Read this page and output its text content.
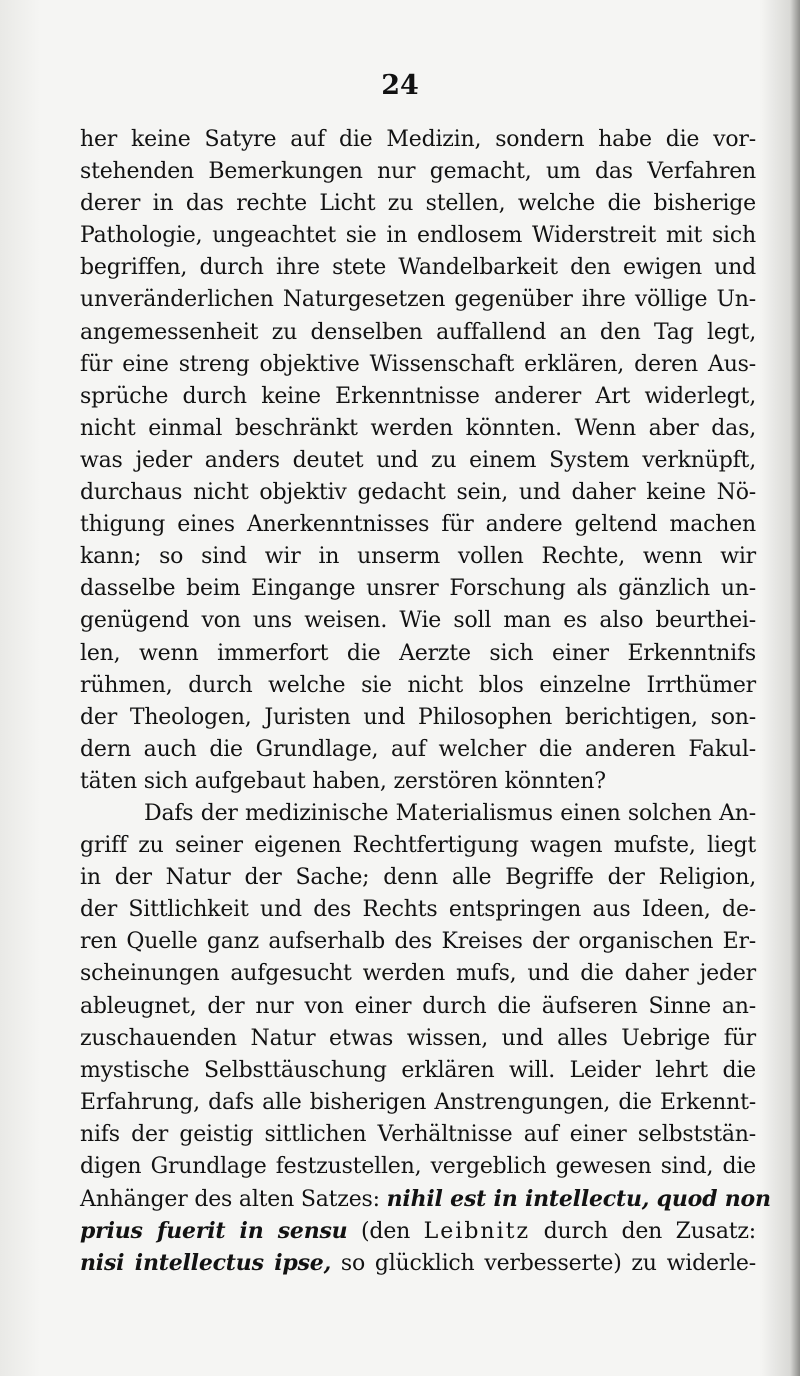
24
her keine Satyre auf die Medizin, sondern habe die vor-
stehenden Bemerkungen nur gemacht, um das Verfahren
derer in das rechte Licht zu stellen, welche die bisherige
Pathologie, ungeachtet sie in endlosem Widerstreit mit sich
begriffen, durch ihre stete Wandelbarkeit den ewigen und
unveränderlichen Naturgesetzen gegenüber ihre völlige Un-
angemessenheit zu denselben auffallend an den Tag legt,
für eine streng objektive Wissenschaft erklären, deren Aus-
sprüche durch keine Erkenntnisse anderer Art widerlegt,
nicht einmal beschränkt werden könnten. Wenn aber das,
was jeder anders deutet und zu einem System verknüpft,
durchaus nicht objektiv gedacht sein, und daher keine Nö-
thigung eines Anerkenntnisses für andere geltend machen
kann; so sind wir in unserm vollen Rechte, wenn wir
dasselbe beim Eingange unsrer Forschung als gänzlich un-
genügend von uns weisen. Wie soll man es also beurthei-
len, wenn immerfort die Aerzte sich einer Erkenntnifs
rühmen, durch welche sie nicht blos einzelne Irrthümer
der Theologen, Juristen und Philosophen berichtigen, son-
dern auch die Grundlage, auf welcher die anderen Fakul-
täten sich aufgebaut haben, zerstören könnten?
Dafs der medizinische Materialismus einen solchen An-
griff zu seiner eigenen Rechtfertigung wagen mufste, liegt
in der Natur der Sache; denn alle Begriffe der Religion,
der Sittlichkeit und des Rechts entspringen aus Ideen, de-
ren Quelle ganz aufserhalb des Kreises der organischen Er-
scheinungen aufgesucht werden mufs, und die daher jeder
ableugnet, der nur von einer durch die äufseren Sinne an-
zuschauenden Natur etwas wissen, und alles Uebrige für
mystische Selbsttäuschung erklären will. Leider lehrt die
Erfahrung, dafs alle bisherigen Anstrengungen, die Erkennt-
nifs der geistig sittlichen Verhältnisse auf einer selbststän-
digen Grundlage festzustellen, vergeblich gewesen sind, die
Anhänger des alten Satzes: nihil est in intellectu, quod non
prius fuerit in sensu (den Leibnitz durch den Zusatz:
nisi intellectus ipse, so glücklich verbesserte) zu widerle-
